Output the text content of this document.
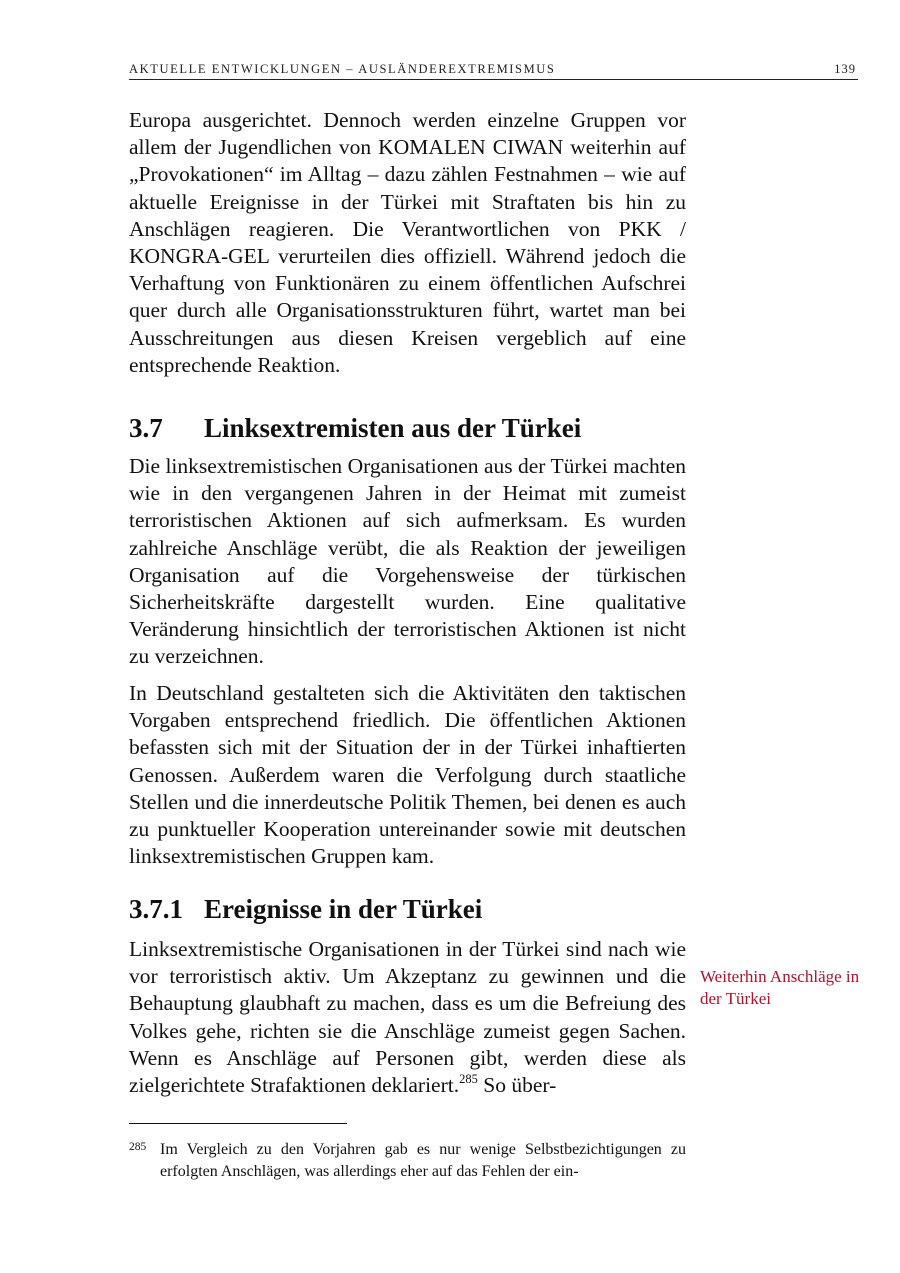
AKTUELLE ENTWICKLUNGEN – AUSLÄNDEREXTREMISMUS	139

Europa ausgerichtet. Dennoch werden einzelne Gruppen vor allem der Jugendlichen von KOMALEN CIWAN weiterhin auf „Provokationen“ im Alltag – dazu zählen Festnahmen – wie auf aktuelle Ereignisse in der Türkei mit Straftaten bis hin zu Anschlägen reagieren. Die Verantwortlichen von PKK / KONGRA-GEL verurteilen dies offiziell. Während jedoch die Verhaftung von Funktionären zu einem öffentlichen Aufschrei quer durch alle Organisationsstrukturen führt, wartet man bei Ausschreitungen aus diesen Kreisen vergeblich auf eine entsprechende Reaktion.

3.7 Linksextremisten aus der Türkei

Die linksextremistischen Organisationen aus der Türkei machten wie in den vergangenen Jahren in der Heimat mit zumeist terroristischen Aktionen auf sich aufmerksam. Es wurden zahlreiche Anschläge verübt, die als Reaktion der jeweiligen Organisation auf die Vorgehensweise der türkischen Sicherheitskräfte dargestellt wurden. Eine qualitative Veränderung hinsichtlich der terroristischen Aktionen ist nicht zu verzeichnen.

In Deutschland gestalteten sich die Aktivitäten den taktischen Vorgaben entsprechend friedlich. Die öffentlichen Aktionen befassten sich mit der Situation der in der Türkei inhaftierten Genossen. Außerdem waren die Verfolgung durch staatliche Stellen und die innerdeutsche Politik Themen, bei denen es auch zu punktueller Kooperation untereinander sowie mit deutschen linksextremistischen Gruppen kam.

3.7.1 Ereignisse in der Türkei

Linksextremistische Organisationen in der Türkei sind nach wie vor terroristisch aktiv. Um Akzeptanz zu gewinnen und die Behauptung glaubhaft zu machen, dass es um die Befreiung des Volkes gehe, richten sie die Anschläge zumeist gegen Sachen. Wenn es Anschläge auf Personen gibt, werden diese als zielgerichtete Strafaktionen deklariert.$^{285}$ So über-

Weiterhin Anschläge in der Türkei
285 Im Vergleich zu den Vorjahren gab es nur wenige Selbstbezichtigungen zu erfolgten Anschlägen, was allerdings eher auf das Fehlen der ein-
